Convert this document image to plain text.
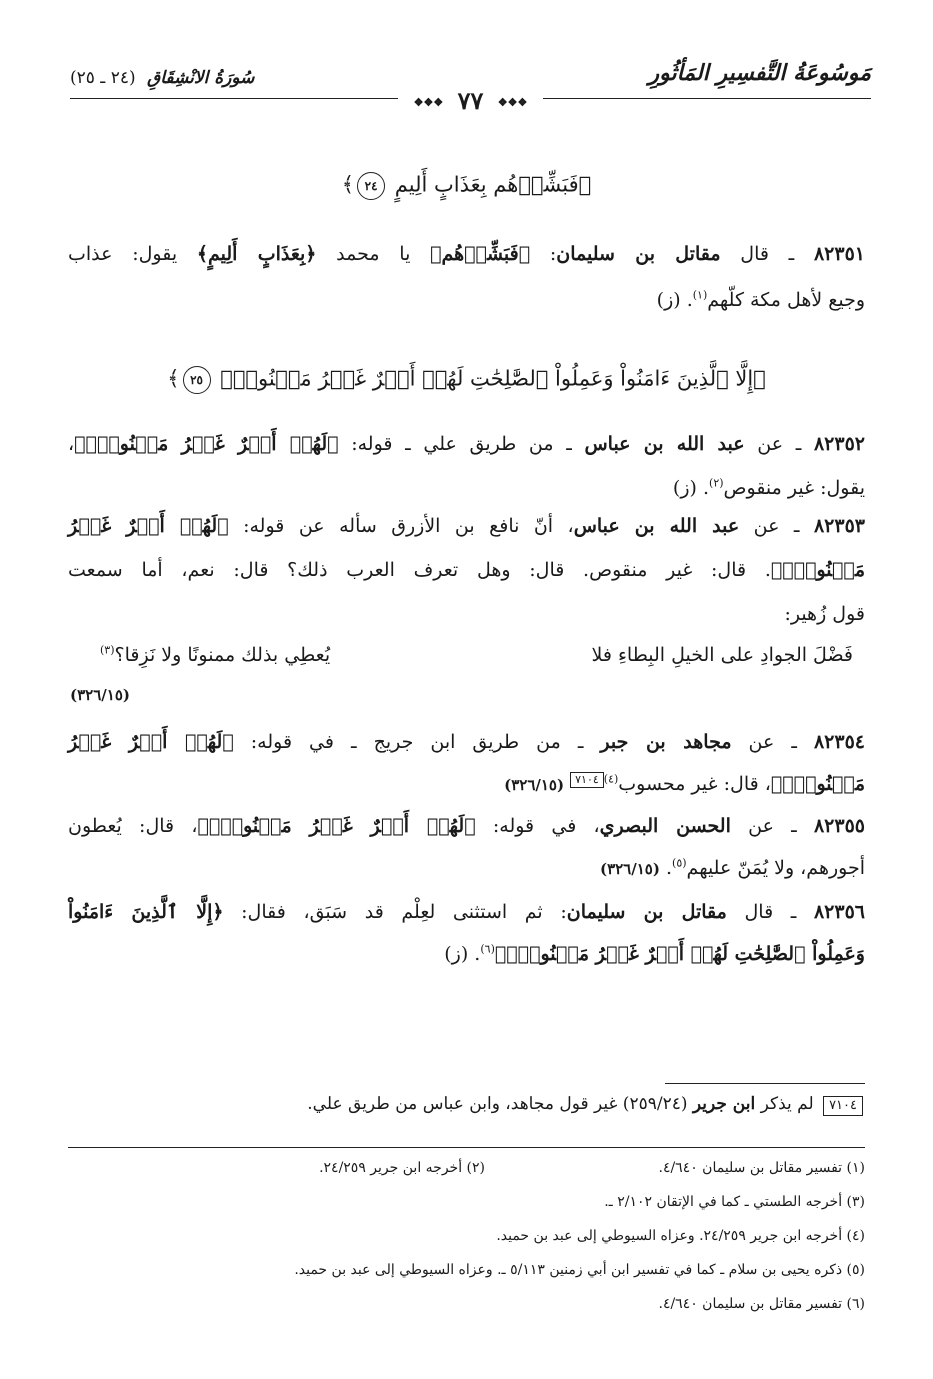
مَوسُوعَةُ التَّفسِيرِ المَأثُورِ
سُورَةُ الانْشِقَاقِ (٢٤ ـ ٢٥)
❖❖❖ ٧٧ ❖❖❖
﴿فَبَشِّرۡهُم بِعَذَابٍ أَلِيمٍ ٢٤﴾
٨٢٣٥١ ـ قال مقاتل بن سليمان: ﴿فَبَشِّرۡهُم﴾ يا محمد ﴿بِعَذَابٍ أَلِيمٍ﴾ يقول: عذاب
وجيع لأهل مكة كلّهم$^{(١)}$. (ز)
﴿إِلَّا ٱلَّذِينَ ءَامَنُواْ وَعَمِلُواْ ٱلصَّٰلِحَٰتِ لَهُمۡ أَجۡرٌ غَيۡرُ مَمۡنُونِۭ ٢٥﴾
٨٢٣٥٢ ـ عن عبد الله بن عباس ـ من طريق علي ـ قوله: ﴿لَهُمۡ أَجۡرٌ غَيۡرُ مَمۡنُونِۭ﴾،
يقول: غير منقوص$^{(٢)}$. (ز)
٨٢٣٥٣ ـ عن عبد الله بن عباس، أنّ نافع بن الأزرق سأله عن قوله: ﴿لَهُمۡ أَجۡرٌ غَيۡرُ
مَمۡنُونِۭ﴾. قال: غير منقوص. قال: وهل تعرف العرب ذلك؟ قال: نعم، أما سمعت
قول زُهير:
فَضْلَ الجوادِ على الخيلِ البِطاءِ فلا
يُعطِي بذلك ممنونًا ولا نَزِقا؟$^{(٣)}$
(٣٢٦/١٥)
٨٢٣٥٤ ـ عن مجاهد بن جبر ـ من طريق ابن جريج ـ في قوله: ﴿لَهُمۡ أَجۡرٌ غَيۡرُ
مَمۡنُونِۭ﴾، قال: غير محسوب$^{(٤)}$٧١٠٤ (٣٢٦/١٥)
٨٢٣٥٥ ـ عن الحسن البصري، في قوله: ﴿لَهُمۡ أَجۡرٌ غَيۡرُ مَمۡنُونِۭ﴾، قال: يُعطون
أجورهم، ولا يُمَنّ عليهم$^{(٥)}$. (٣٢٦/١٥)
٨٢٣٥٦ ـ قال مقاتل بن سليمان: ثم استثنى لعِلْم قد سَبَق، فقال: ﴿إِلَّا ٱلَّذِينَ ءَامَنُواْ
وَعَمِلُواْ ٱلصَّٰلِحَٰتِ لَهُمۡ أَجۡرٌ غَيۡرُ مَمۡنُونِۭ﴾$^{(٦)}$. (ز)
٧١٠٤ لم يذكر ابن جرير (٢٥٩/٢٤) غير قول مجاهد، وابن عباس من طريق علي.
(١) تفسير مقاتل بن سليمان ٤/٦٤٠.
(٢) أخرجه ابن جرير ٢٤/٢٥٩.
(٣) أخرجه الطستي ـ كما في الإتقان ٢/١٠٢ ـ.
(٤) أخرجه ابن جرير ٢٤/٢٥٩. وعزاه السيوطي إلى عبد بن حميد.
(٥) ذكره يحيى بن سلام ـ كما في تفسير ابن أبي زمنين ٥/١١٣ ـ. وعزاه السيوطي إلى عبد بن حميد.
(٦) تفسير مقاتل بن سليمان ٤/٦٤٠.
